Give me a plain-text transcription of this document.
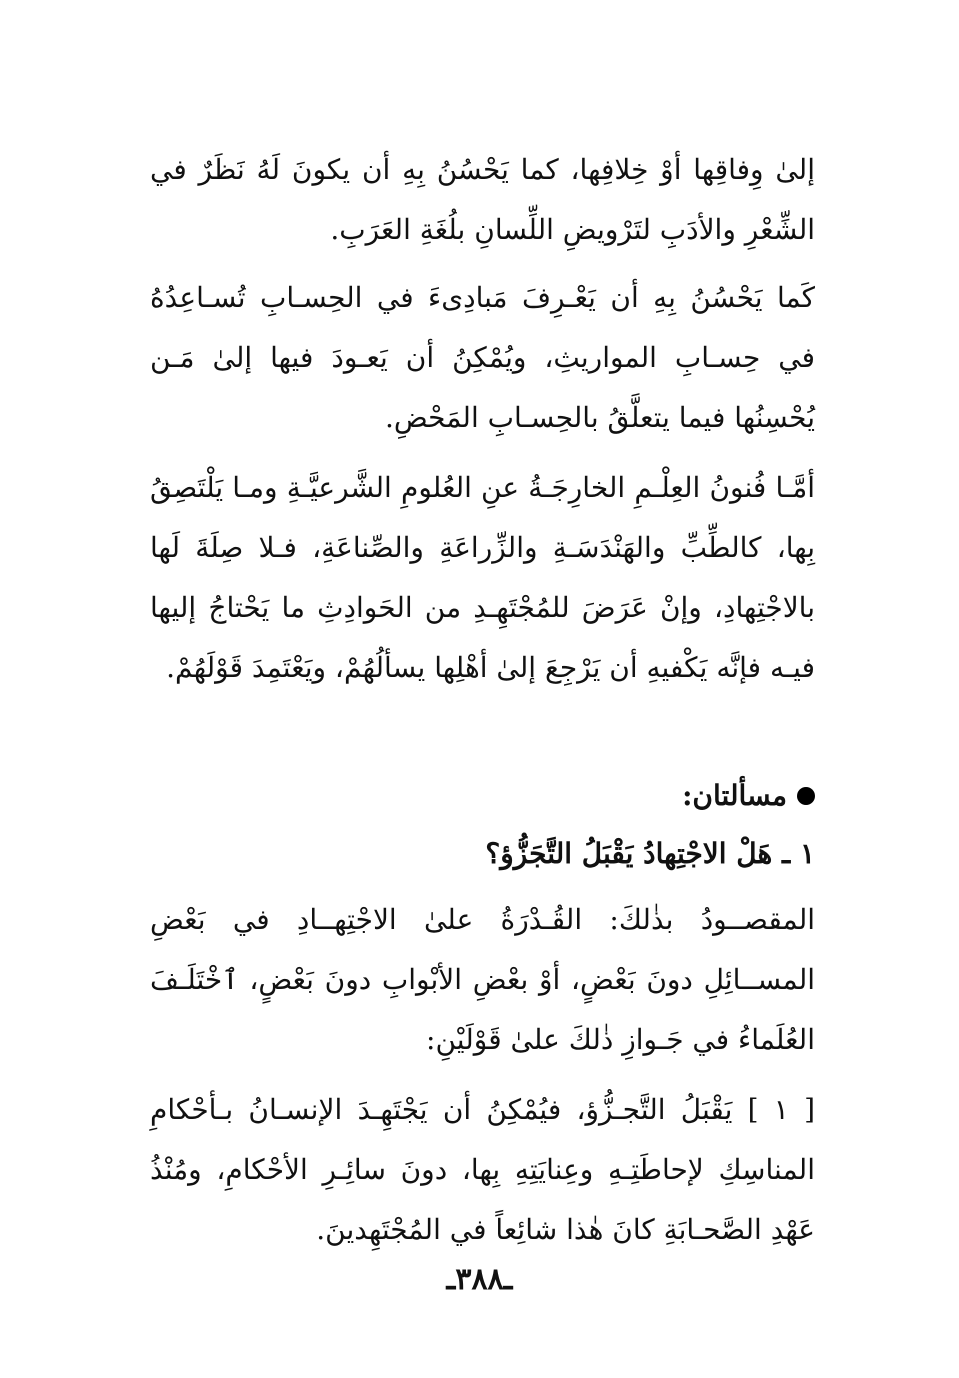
إلىٰ وِفاقِها أوْ خِلافِها، كما يَحْسُنُ بِهِ أن يكونَ لَهُ نَظَرٌ في الشِّعْرِ والأدَبِ لتَرْويضِ اللِّسانِ بلُغَةِ العَرَبِ.

كَما يَحْسُنُ بِهِ أن يَعْـرِفَ مَبادِىءَ في الحِسـابِ تُسـاعِدُهُ في حِسـابِ المواريثِ، ويُمْكِنُ أن يَعـودَ فيها إلىٰ مَـن يُحْسِنُها فيما يتعلَّقُ بالحِسـابِ المَحْضِ.

أمَّـا فُنونُ العِلْـمِ الخارِجَـةُ عنِ العُلومِ الشَّرعيَّـةِ ومـا يَلْتَصِقُ بِها، كالطِّبِّ والهَنْدَسَـةِ والزِّراعَةِ والصِّناعَةِ، فـلا صِلَةَ لَها بالاجْتِهادِ، وإنْ عَرَضَ للمُجْتَهِـدِ من الحَوادِثِ ما يَحْتاجُ إليها فيـه فإنَّه يَكْفيهِ أن يَرْجِعَ إلىٰ أهْلِها يسألُهُمْ، ويَعْتَمِدَ قَوْلَهُمْ.

مسألتان:
١ ـ هَلْ الاجْتِهادُ يَقْبَلُ التَّجَزُّؤ؟

المقصــودُ بذٰلكَ: القُـدْرَةُ علىٰ الاجْتِهــادِ في بَعْضِ المســائِلِ دونَ بَعْضٍ، أوْ بعْضِ الأبْوابِ دونَ بَعْضٍ، ٱخْتَلَـفَ العُلَماءُ في جَـوازِ ذٰلكَ علىٰ قَوْلَيْنِ:

[ ١ ] يَقْبَلُ التَّجـزُّؤ، فيُمْكِنُ أن يَجْتَهِـدَ الإنسـانُ بـأحْكامِ المناسِكِ لإحاطَتِـهِ وعِنايَتِهِ بِها، دونَ سائِـرِ الأحْكامِ، ومُنْذُ عَهْدِ الصَّحـابَةِ كانَ هٰذا شائِعاً في المُجْتَهِدينَ.

ـ٣٨٨ـ
